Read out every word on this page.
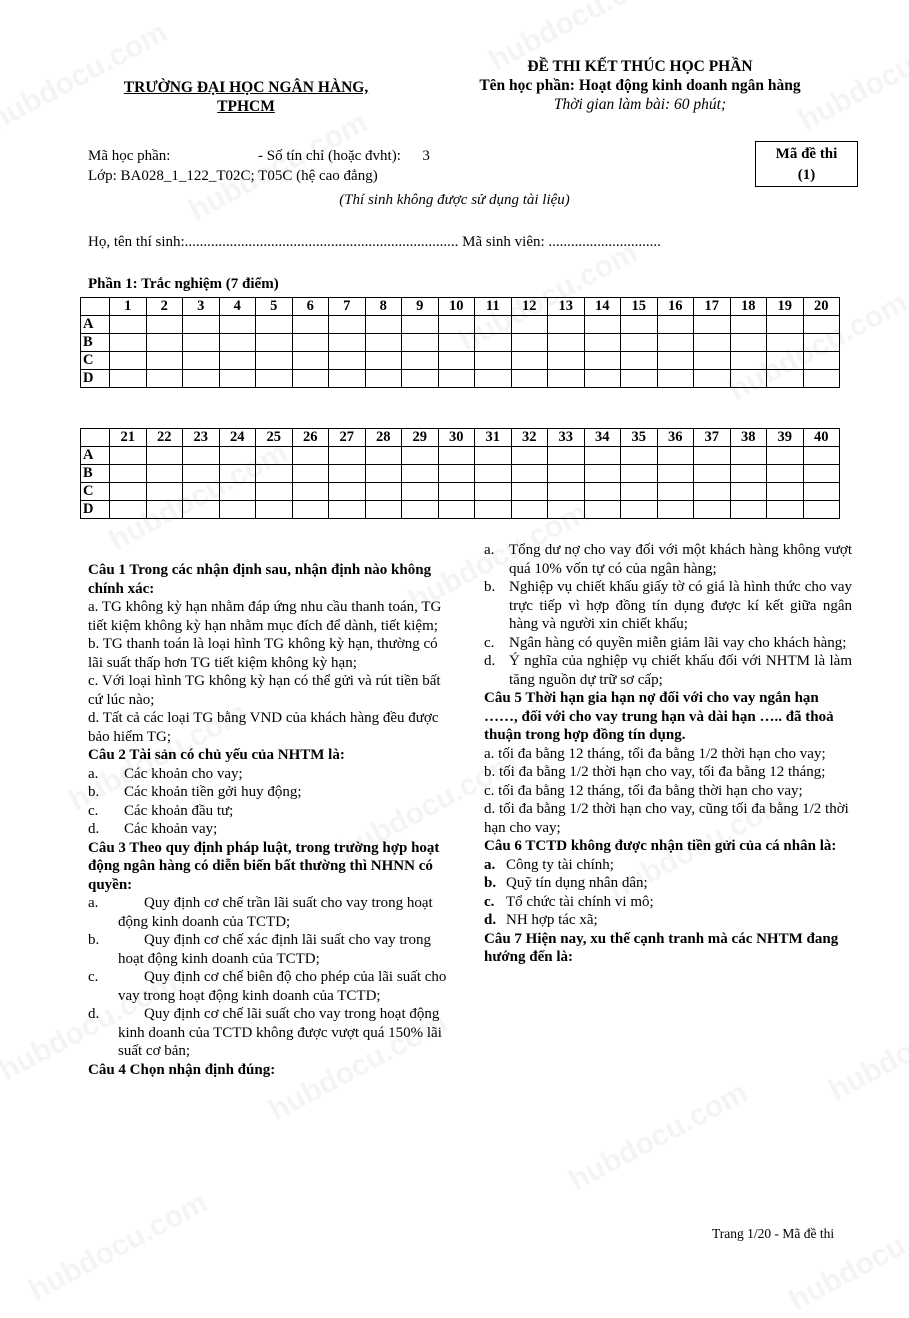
TRƯỜNG ĐẠI HỌC NGÂN HÀNG, TPHCM
ĐỀ THI KẾT THÚC HỌC PHẦN
Tên học phần: Hoạt động kinh doanh ngân hàng
Thời gian làm bài: 60 phút;
Mã học phần:	- Số tín chỉ (hoặc đvht): 3
Lớp: BA028_1_122_T02C; T05C (hệ cao đẳng)
Mã đề thi
(1)
(Thí sinh không được sử dụng tài liệu)
Họ, tên thí sinh:......................................................................... Mã sinh viên: ..............................
Phần 1: Trắc nghiệm (7 điểm)
	1	2	3	4	5	6	7	8	9	10	11	12	13	14	15	16	17	18	19	20
A																				
B																				
C																				
D																				
	21	22	23	24	25	26	27	28	29	30	31	32	33	34	35	36	37	38	39	40
A																				
B																				
C																				
D																				

Câu 1 Trong các nhận định sau, nhận định nào không chính xác:

a. TG không kỳ hạn nhằm đáp ứng nhu cầu thanh toán, TG tiết kiệm không kỳ hạn nhằm mục đích để dành, tiết kiệm;

b. TG thanh toán là loại hình TG không kỳ hạn, thường có lãi suất thấp hơn TG tiết kiệm không kỳ hạn;

c. Với loại hình TG không kỳ hạn có thể gửi và rút tiền bất cứ lúc nào;

d. Tất cả các loại TG bằng VND của khách hàng đều được bảo hiểm TG;

Câu 2 Tài sản có chủ yếu của NHTM là:

a. Các khoản cho vay;

b. Các khoản tiền gởi huy động;

c. Các khoản đầu tư;

d. Các khoản vay;

Câu 3 Theo quy định pháp luật, trong trường hợp hoạt động ngân hàng có diễn biến bất thường thì NHNN có quyền:

a.	Quy định cơ chế trần lãi suất cho vay trong hoạt động kinh doanh của TCTD;

b.	Quy định cơ chế xác định lãi suất cho vay trong hoạt động kinh doanh của TCTD;

c.	Quy định cơ chế biên độ cho phép của lãi suất cho vay trong hoạt động kinh doanh của TCTD;

d.	Quy định cơ chế lãi suất cho vay trong hoạt động kinh doanh của TCTD không được vượt quá 150% lãi suất cơ bản;

Câu 4 Chọn nhận định đúng:

a. Tổng dư nợ cho vay đối với một khách hàng không vượt quá 10% vốn tự có của ngân hàng;

b. Nghiệp vụ chiết khấu giấy tờ có giá là hình thức cho vay trực tiếp vì hợp đồng tín dụng được kí kết giữa ngân hàng và người xin chiết khấu;

c. Ngân hàng có quyền miễn giảm lãi vay cho khách hàng;

d. Ý nghĩa của nghiệp vụ chiết khấu đối với NHTM là làm tăng nguồn dự trữ sơ cấp;

Câu 5 Thời hạn gia hạn nợ đối với cho vay ngắn hạn ……, đối với cho vay trung hạn và dài hạn ….. đã thoả thuận trong hợp đồng tín dụng.

a. tối đa bằng 12 tháng, tối đa bằng 1/2 thời hạn cho vay;

b. tối đa bằng 1/2 thời hạn cho vay, tối đa bằng 12 tháng;

c. tối đa bằng 12 tháng, tối đa bằng thời hạn cho vay;

d. tối đa bằng 1/2 thời hạn cho vay, cũng tối đa bằng 1/2 thời hạn cho vay;

Câu 6 TCTD không được nhận tiền gửi của cá nhân là:

a. Công ty tài chính;

b. Quỹ tín dụng nhân dân;

c. Tổ chức tài chính vi mô;

d. NH hợp tác xã;

Câu 7 Hiện nay, xu thế cạnh tranh mà các NHTM đang hướng đến là:

Trang 1/20 - Mã đề thi
